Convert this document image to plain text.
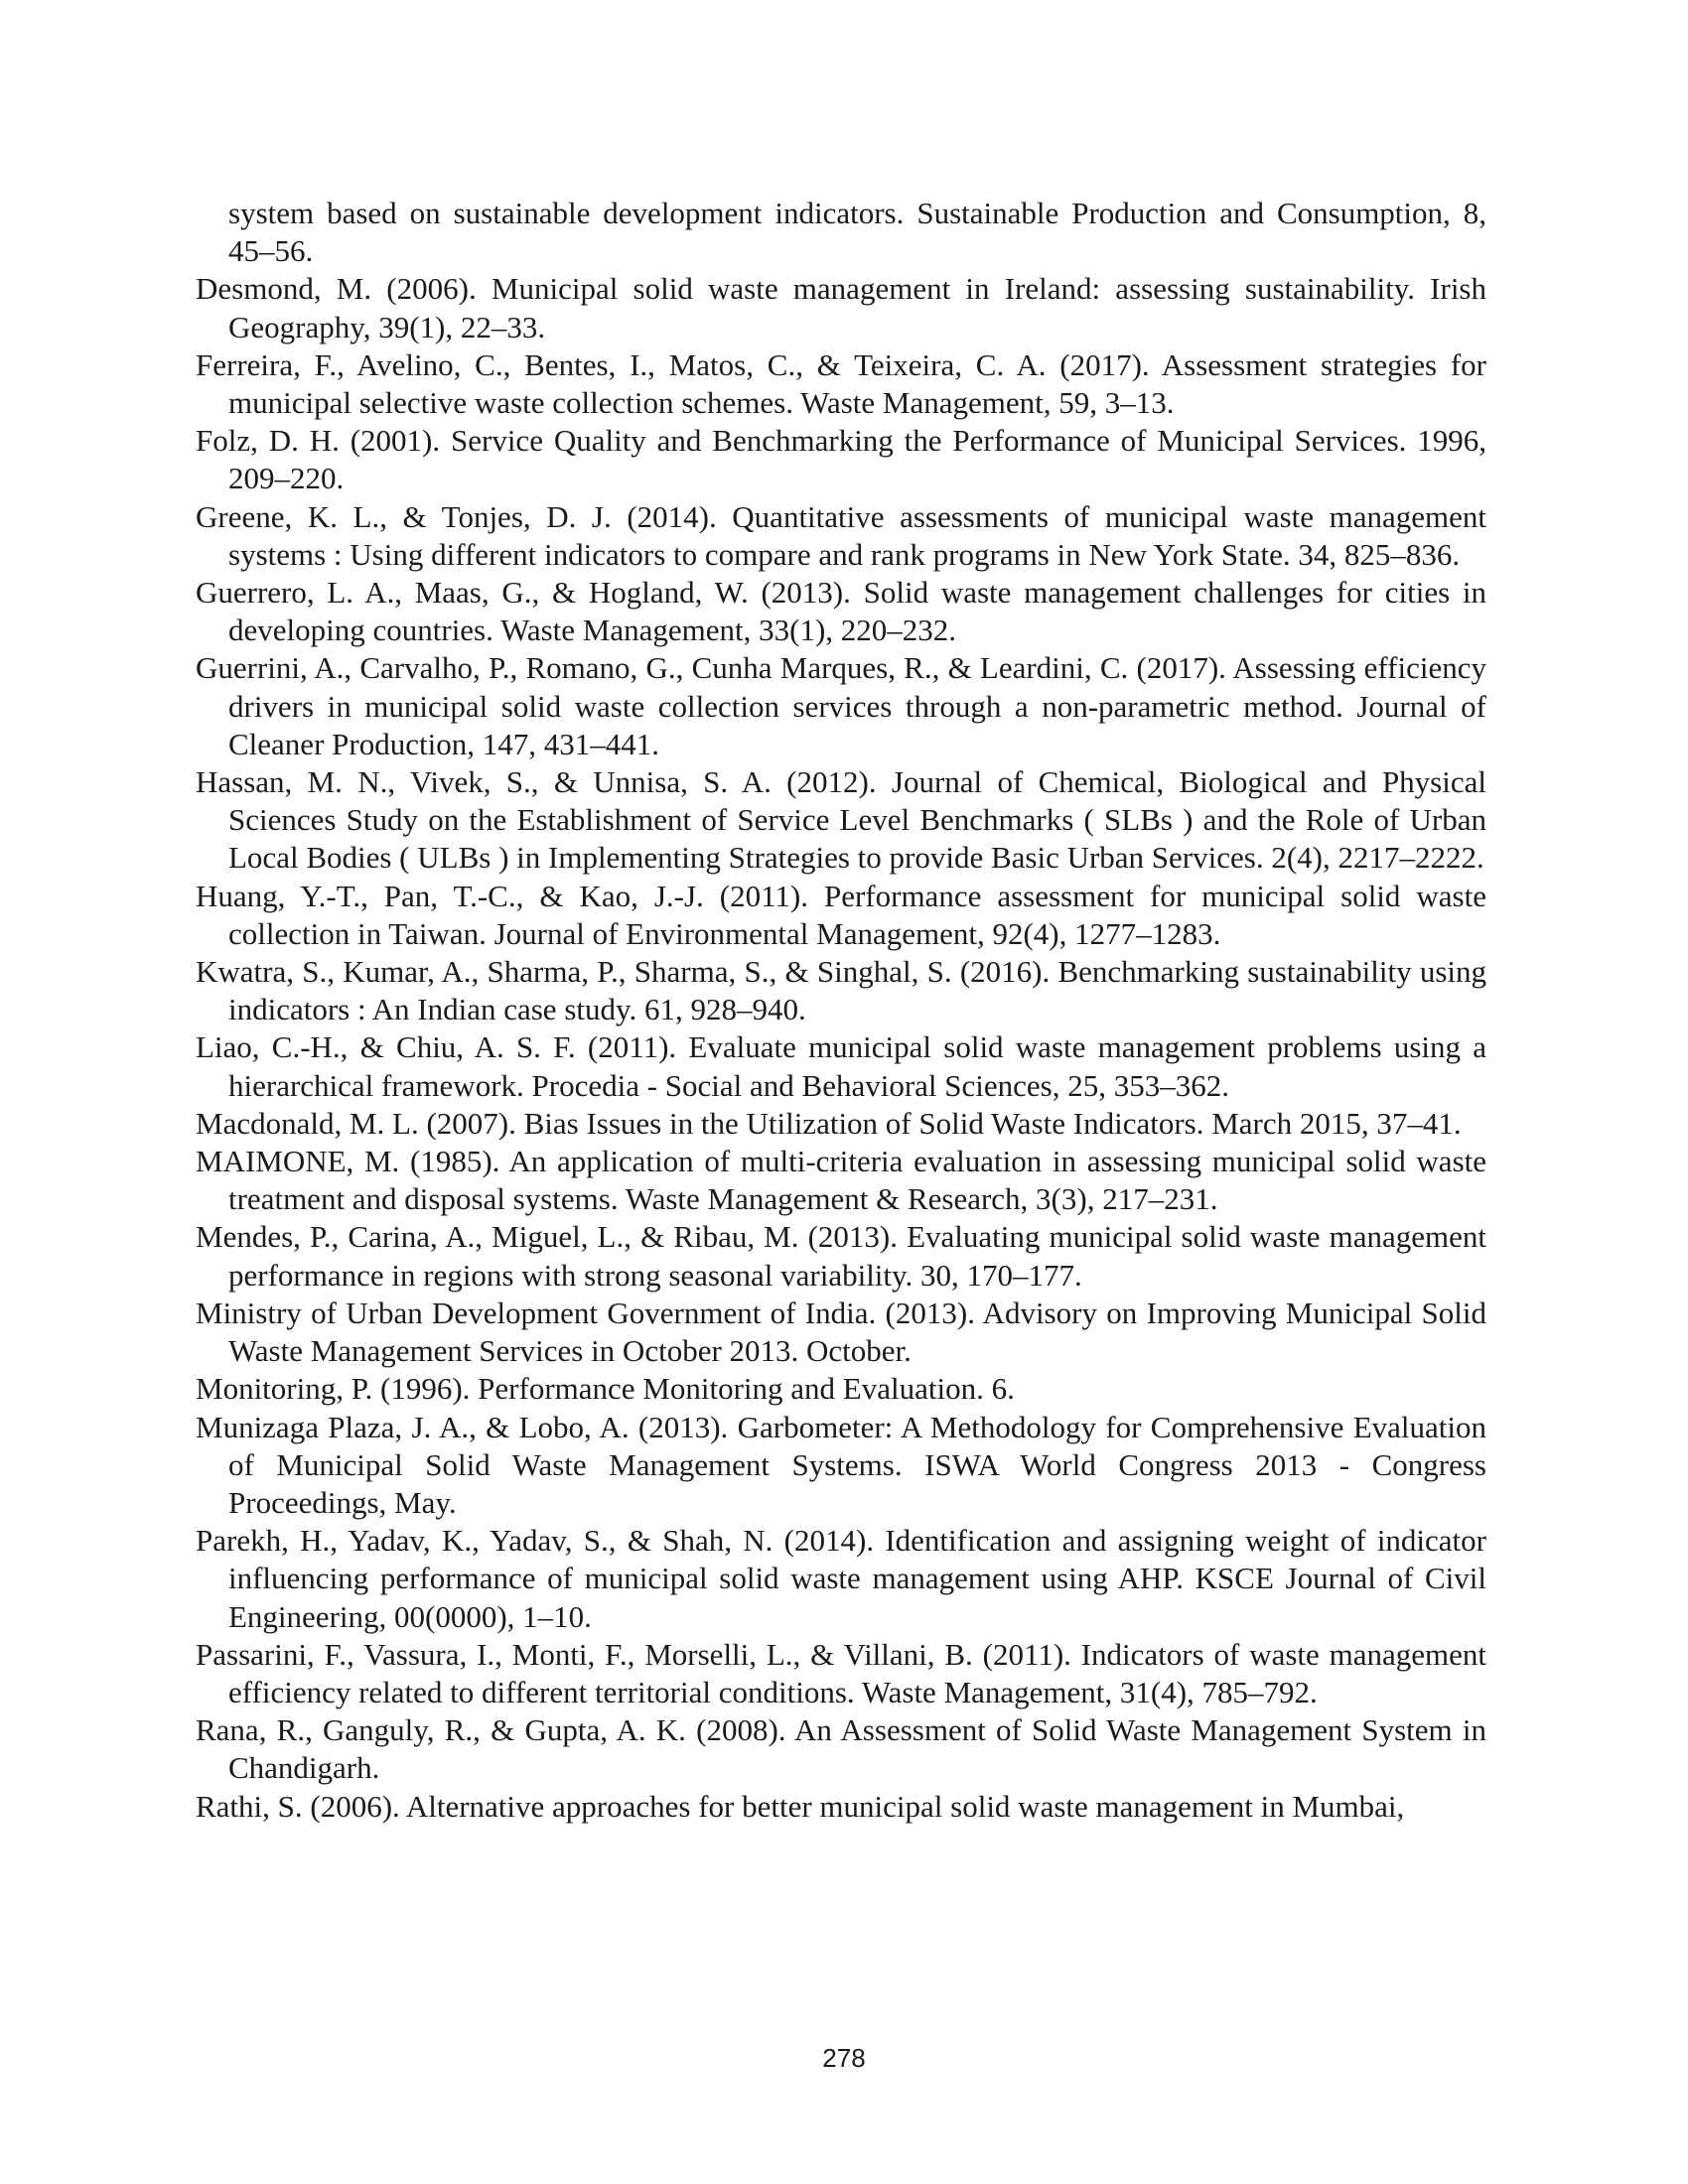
system based on sustainable development indicators. Sustainable Production and Consumption, 8, 45–56.

Desmond, M. (2006). Municipal solid waste management in Ireland: assessing sustainability. Irish Geography, 39(1), 22–33.

Ferreira, F., Avelino, C., Bentes, I., Matos, C., & Teixeira, C. A. (2017). Assessment strategies for municipal selective waste collection schemes. Waste Management, 59, 3–13.

Folz, D. H. (2001). Service Quality and Benchmarking the Performance of Municipal Services. 1996, 209–220.

Greene, K. L., & Tonjes, D. J. (2014). Quantitative assessments of municipal waste management systems : Using different indicators to compare and rank programs in New York State. 34, 825–836.

Guerrero, L. A., Maas, G., & Hogland, W. (2013). Solid waste management challenges for cities in developing countries. Waste Management, 33(1), 220–232.

Guerrini, A., Carvalho, P., Romano, G., Cunha Marques, R., & Leardini, C. (2017). Assessing efficiency drivers in municipal solid waste collection services through a non-parametric method. Journal of Cleaner Production, 147, 431–441.

Hassan, M. N., Vivek, S., & Unnisa, S. A. (2012). Journal of Chemical, Biological and Physical Sciences Study on the Establishment of Service Level Benchmarks ( SLBs ) and the Role of Urban Local Bodies ( ULBs ) in Implementing Strategies to provide Basic Urban Services. 2(4), 2217–2222.

Huang, Y.-T., Pan, T.-C., & Kao, J.-J. (2011). Performance assessment for municipal solid waste collection in Taiwan. Journal of Environmental Management, 92(4), 1277–1283.

Kwatra, S., Kumar, A., Sharma, P., Sharma, S., & Singhal, S. (2016). Benchmarking sustainability using indicators : An Indian case study. 61, 928–940.

Liao, C.-H., & Chiu, A. S. F. (2011). Evaluate municipal solid waste management problems using a hierarchical framework. Procedia - Social and Behavioral Sciences, 25, 353–362.

Macdonald, M. L. (2007). Bias Issues in the Utilization of Solid Waste Indicators. March 2015, 37–41.

MAIMONE, M. (1985). An application of multi-criteria evaluation in assessing municipal solid waste treatment and disposal systems. Waste Management & Research, 3(3), 217–231.

Mendes, P., Carina, A., Miguel, L., & Ribau, M. (2013). Evaluating municipal solid waste management performance in regions with strong seasonal variability. 30, 170–177.

Ministry of Urban Development Government of India. (2013). Advisory on Improving Municipal Solid Waste Management Services in October 2013. October.

Monitoring, P. (1996). Performance Monitoring and Evaluation. 6.

Munizaga Plaza, J. A., & Lobo, A. (2013). Garbometer: A Methodology for Comprehensive Evaluation of Municipal Solid Waste Management Systems. ISWA World Congress 2013 - Congress Proceedings, May.

Parekh, H., Yadav, K., Yadav, S., & Shah, N. (2014). Identification and assigning weight of indicator influencing performance of municipal solid waste management using AHP. KSCE Journal of Civil Engineering, 00(0000), 1–10.

Passarini, F., Vassura, I., Monti, F., Morselli, L., & Villani, B. (2011). Indicators of waste management efficiency related to different territorial conditions. Waste Management, 31(4), 785–792.

Rana, R., Ganguly, R., & Gupta, A. K. (2008). An Assessment of Solid Waste Management System in Chandigarh.

Rathi, S. (2006). Alternative approaches for better municipal solid waste management in Mumbai,

278
